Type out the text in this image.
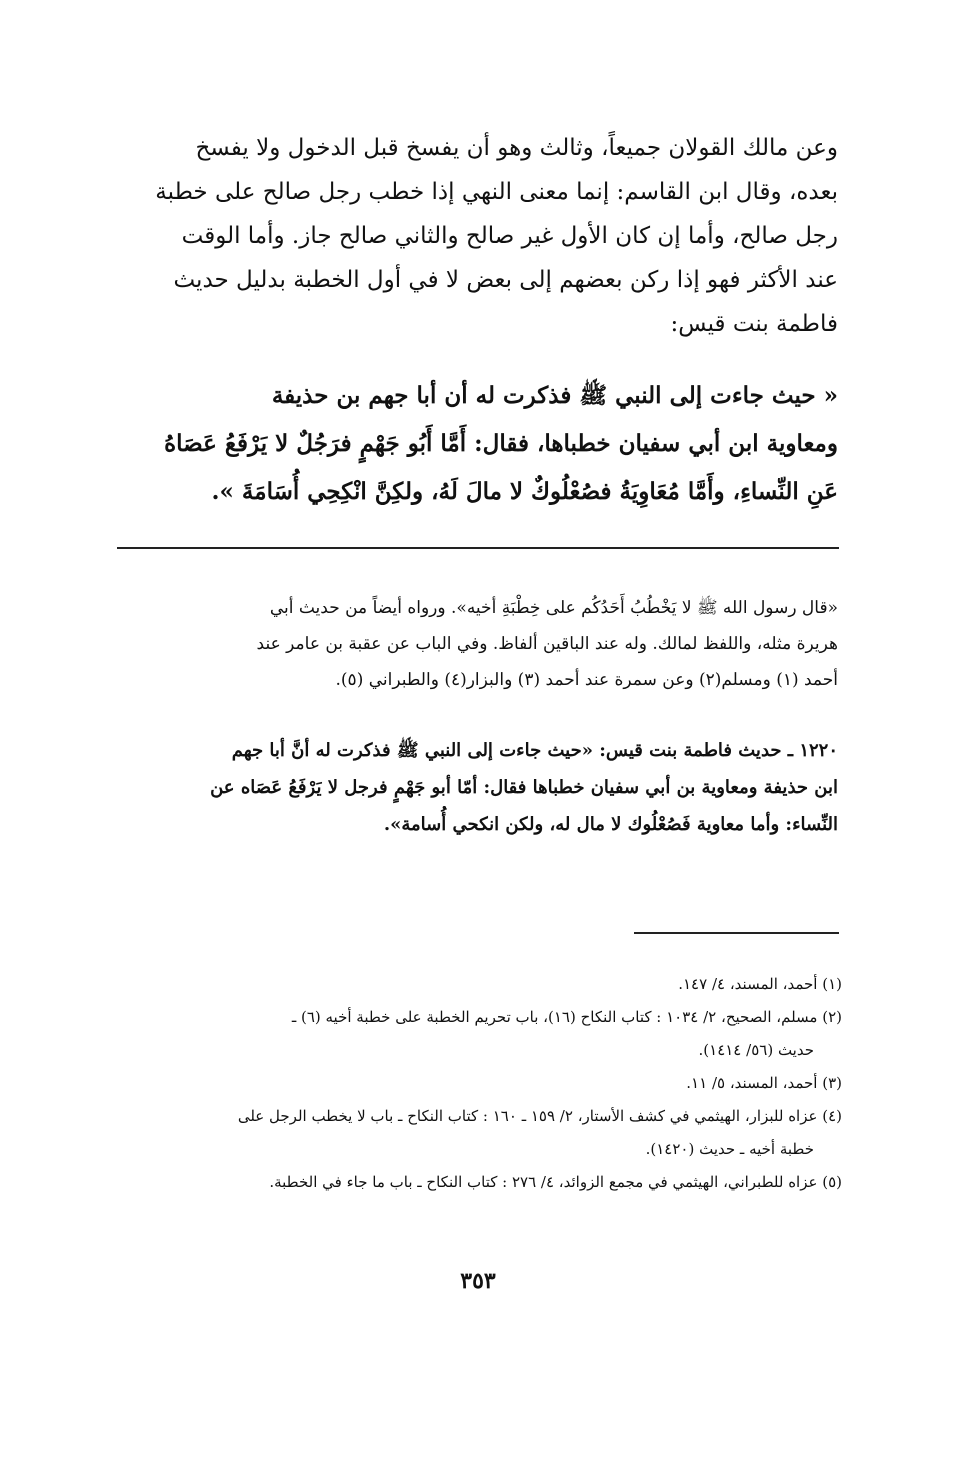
وعن مالك القولان جميعاً، وثالث وهو أن يفسخ قبل الدخول ولا يفسخ
بعده، وقال ابن القاسم: إنما معنى النهي إذا خطب رجل صالح على خطبة
رجل صالح، وأما إن كان الأول غير صالح والثاني صالح جاز. وأما الوقت
عند الأكثر فهو إذا ركن بعضهم إلى بعض لا في أول الخطبة بدليل حديث
فاطمة بنت قيس:
« حيث جاءت إلى النبي ﷺ فذكرت له أن أبا جهم بن حذيفة
ومعاوية ابن أبي سفيان خطباها، فقال: أَمَّا أَبُو جَهْمٍ فرَجُلٌ لا يَرْفَعُ عَصَاهُ
عَنِ النِّساءِ، وأَمَّا مُعَاوِيَةُ فصُعْلُوكٌ لا مالَ لَهُ، ولكِنَّ انْكِحِي أُسَامَةَ ».
«قال رسول الله ﷺ لا يَخْطُبُ أَحَدُكُم على خِطْبَةِ أخيه». ورواه أيضاً من حديث أبي
هريرة مثله، واللفظ لمالك. وله عند الباقين ألفاظ. وفي الباب عن عقبة بن عامر عند
أحمد (١) ومسلم(٢) وعن سمرة عند أحمد (٣) والبزار(٤) والطبراني (٥).
١٢٢٠ ـ حديث فاطمة بنت قيس: «حيث جاءت إلى النبي ﷺ فذكرت له أنَّ أبا جهم
ابن حذيفة ومعاوية بن أبي سفيان خطباها فقال: أمّا أبو جَهْمٍ فرجل لا يَرْفَعُ عَصَاه عن
النِّساء: وأما معاوية فَصُعْلُوك لا مال له، ولكن انكحي أُسامة».
(١) أحمد، المسند، ٤/ ١٤٧.
(٢) مسلم، الصحيح، ٢/ ١٠٣٤ : كتاب النكاح (١٦)، باب تحريم الخطبة على خطبة أخيه (٦) ـ
حديث (٥٦/ ١٤١٤).
(٣) أحمد، المسند، ٥/ ١١.
(٤) عزاه للبزار، الهيثمي في كشف الأستار، ٢/ ١٥٩ ـ ١٦٠ : كتاب النكاح ـ باب لا يخطب الرجل على
خطبة أخيه ـ حديث (١٤٢٠).
(٥) عزاه للطبراني، الهيثمي في مجمع الزوائد، ٤/ ٢٧٦ : كتاب النكاح ـ باب ما جاء في الخطبة.
٣٥٣
